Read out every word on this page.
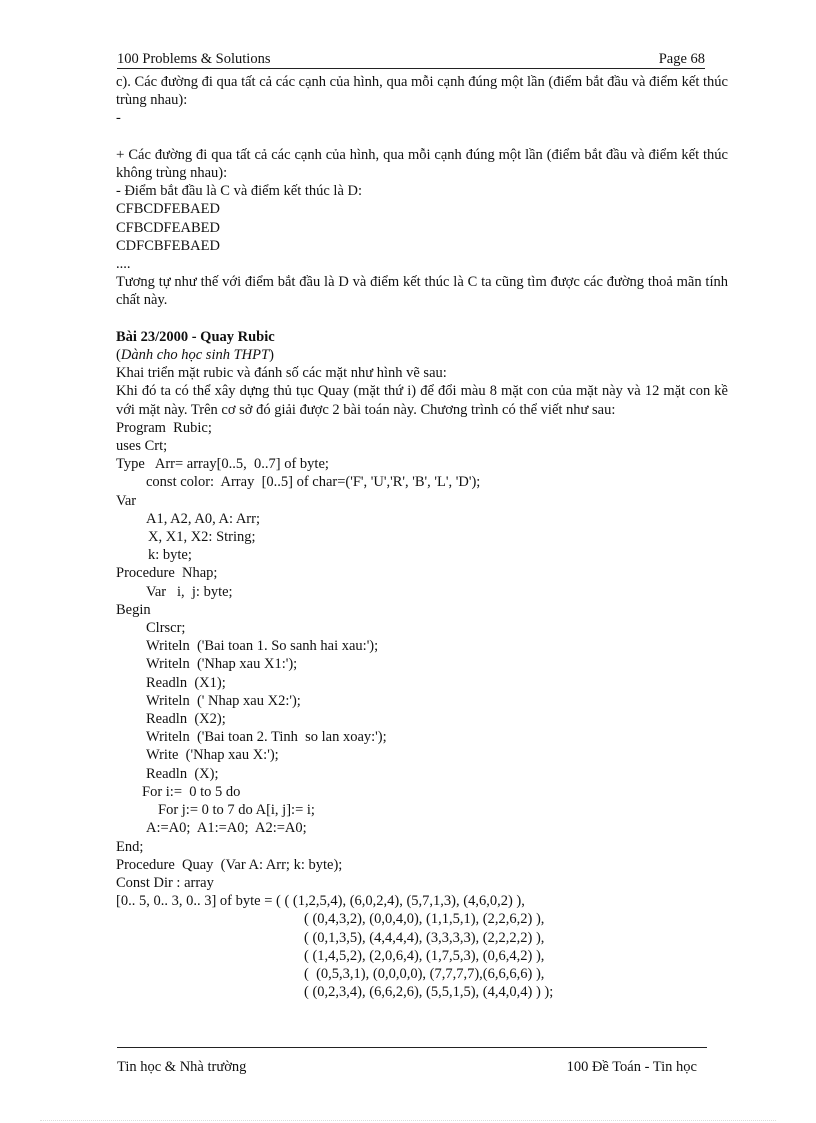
100 Problems & Solutions	Page 68

c). Các đường đi qua tất cả các cạnh của hình, qua mỗi cạnh đúng một lần (điểm bắt đầu và điểm kết thúc trùng nhau):

-

+ Các đường đi qua tất cả các cạnh của hình, qua mỗi cạnh đúng một lần (điểm bắt đầu và điểm kết thúc không trùng nhau):

- Điểm bắt đầu là C và điểm kết thúc là D:

CFBCDFEBAED

CFBCDFEABED

CDFCBFEBAED

....

Tương tự như thế với điểm bắt đầu là D và điểm kết thúc là C ta cũng tìm được các đường thoả mãn tính chất này.

Bài 23/2000 - Quay Rubic

(Dành cho học sinh THPT)

Khai triển mặt rubic và đánh số các mặt như hình vẽ sau:

Khi đó ta có thể xây dựng thủ tục Quay (mặt thứ i) để đổi màu 8 mặt con của mặt này và 12 mặt con kề với mặt này. Trên cơ sở đó giải được 2 bài toán này. Chương trình có thể viết như sau:

Program  Rubic;

uses Crt;

Type   Arr= array[0..5,  0..7] of byte;

const color:  Array  [0..5] of char=('F', 'U','R', 'B', 'L', 'D');

Var

A1, A2, A0, A: Arr;

X, X1, X2: String;

k: byte;

Procedure  Nhap;

Var   i,  j: byte;

Begin

Clrscr;

Writeln  ('Bai toan 1. So sanh hai xau:');

Writeln  ('Nhap xau X1:');

Readln  (X1);

Writeln  (' Nhap xau X2:');

Readln  (X2);

Writeln  ('Bai toan 2. Tinh  so lan xoay:');

Write  ('Nhap xau X:');

Readln  (X);

For i:=  0 to 5 do

For j:= 0 to 7 do A[i, j]:= i;

A:=A0;  A1:=A0;  A2:=A0;

End;

Procedure  Quay  (Var A: Arr; k: byte);

Const Dir : array

[0.. 5, 0.. 3, 0.. 3] of byte = ( ( (1,2,5,4), (6,0,2,4), (5,7,1,3), (4,6,0,2) ),

( (0,4,3,2), (0,0,4,0), (1,1,5,1), (2,2,6,2) ),

( (0,1,3,5), (4,4,4,4), (3,3,3,3), (2,2,2,2) ),

( (1,4,5,2), (2,0,6,4), (1,7,5,3), (0,6,4,2) ),

(  (0,5,3,1), (0,0,0,0), (7,7,7,7),(6,6,6,6) ),

( (0,2,3,4), (6,6,2,6), (5,5,1,5), (4,4,0,4) ) );

Tin học & Nhà trường	100 Đề Toán - Tin học
